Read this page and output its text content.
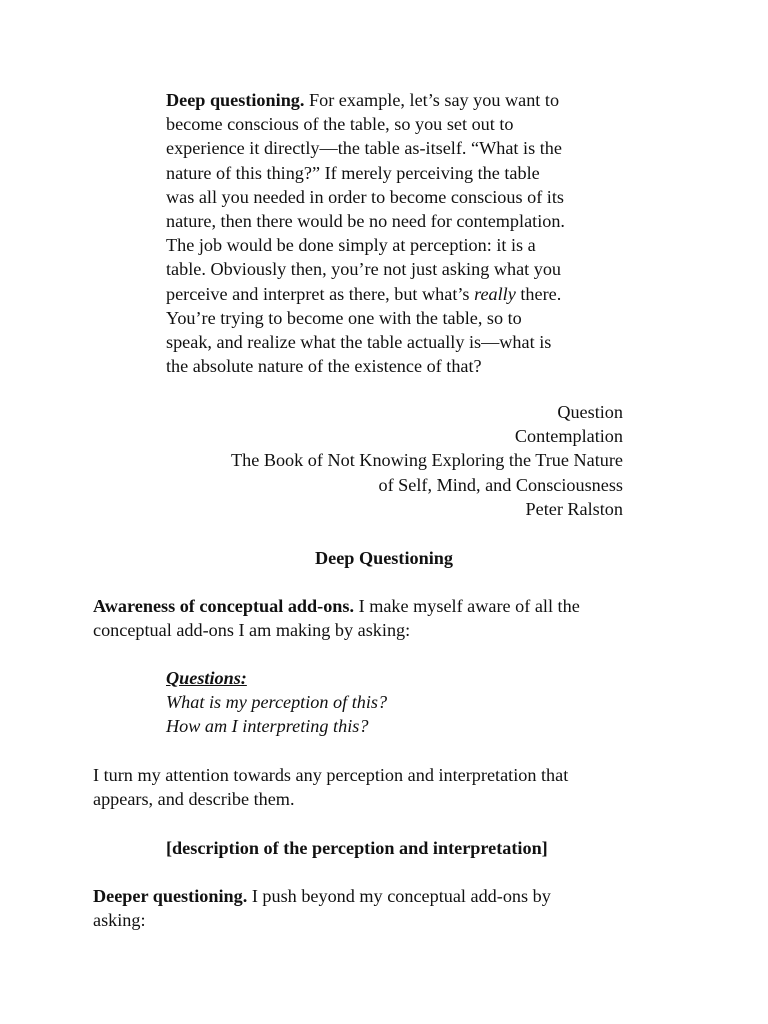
Deep questioning. For example, let’s say you want to
become conscious of the table, so you set out to
experience it directly—the table as-itself. “What is the
nature of this thing?” If merely perceiving the table
was all you needed in order to become conscious of its
nature, then there would be no need for contemplation.
The job would be done simply at perception: it is a
table. Obviously then, you’re not just asking what you
perceive and interpret as there, but what’s really there.
You’re trying to become one with the table, so to
speak, and realize what the table actually is—what is
the absolute nature of the existence of that?
Question
Contemplation
The Book of Not Knowing Exploring the True Nature
of Self, Mind, and Consciousness
Peter Ralston
Deep Questioning
Awareness of conceptual add-ons. I make myself aware of all the
conceptual add-ons I am making by asking:
Questions:
What is my perception of this?
How am I interpreting this?
I turn my attention towards any perception and interpretation that
appears, and describe them.
[description of the perception and interpretation]
Deeper questioning. I push beyond my conceptual add-ons by
asking:
